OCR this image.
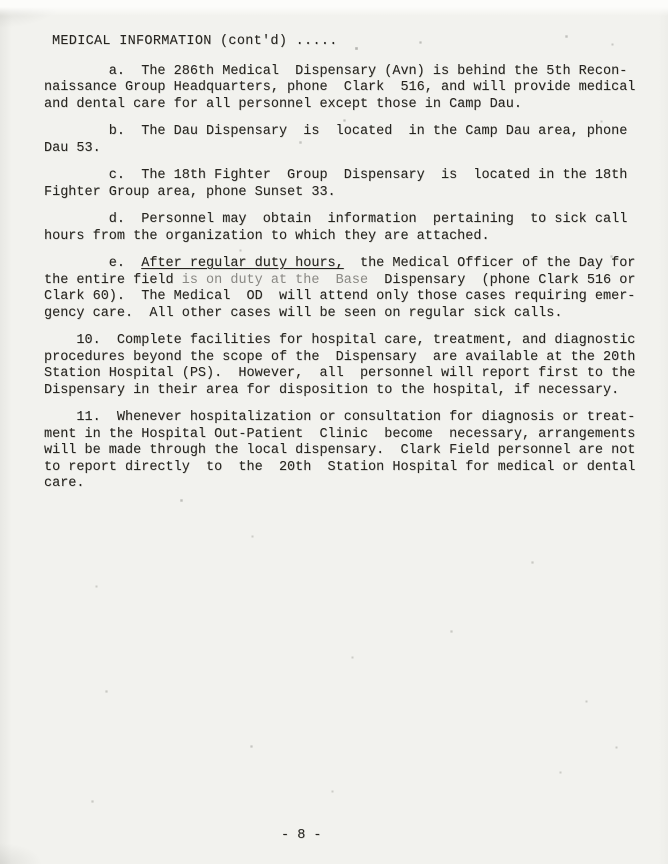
MEDICAL INFORMATION (cont'd) .....
a.  The 286th Medical  Dispensary (Avn) is behind the 5th Recon-
naissance Group Headquarters, phone  Clark  516, and will provide medical
and dental care for all personnel except those in Camp Dau.
b.  The Dau Dispensary  is  located  in the Camp Dau area, phone
Dau 53.
c.  The 18th Fighter  Group  Dispensary  is  located in the 18th
Fighter Group area, phone Sunset 33.
d.  Personnel may  obtain  information  pertaining  to sick call
hours from the organization to which they are attached.
e.  After regular duty hours,  the Medical Officer of the Day for
the entire field is on duty at the  Base  Dispensary  (phone Clark 516 or
Clark 60).  The Medical  OD  will attend only those cases requiring emer-
gency care.  All other cases will be seen on regular sick calls.
10.  Complete facilities for hospital care, treatment, and diagnostic
procedures beyond the scope of the  Dispensary  are available at the 20th
Station Hospital (PS).  However,  all  personnel will report first to the
Dispensary in their area for disposition to the hospital, if necessary.
11.  Whenever hospitalization or consultation for diagnosis or treat-
ment in the Hospital Out-Patient  Clinic  become  necessary, arrangements
will be made through the local dispensary.  Clark Field personnel are not
to report directly  to  the  20th  Station Hospital for medical or dental
care.
- 8 -
